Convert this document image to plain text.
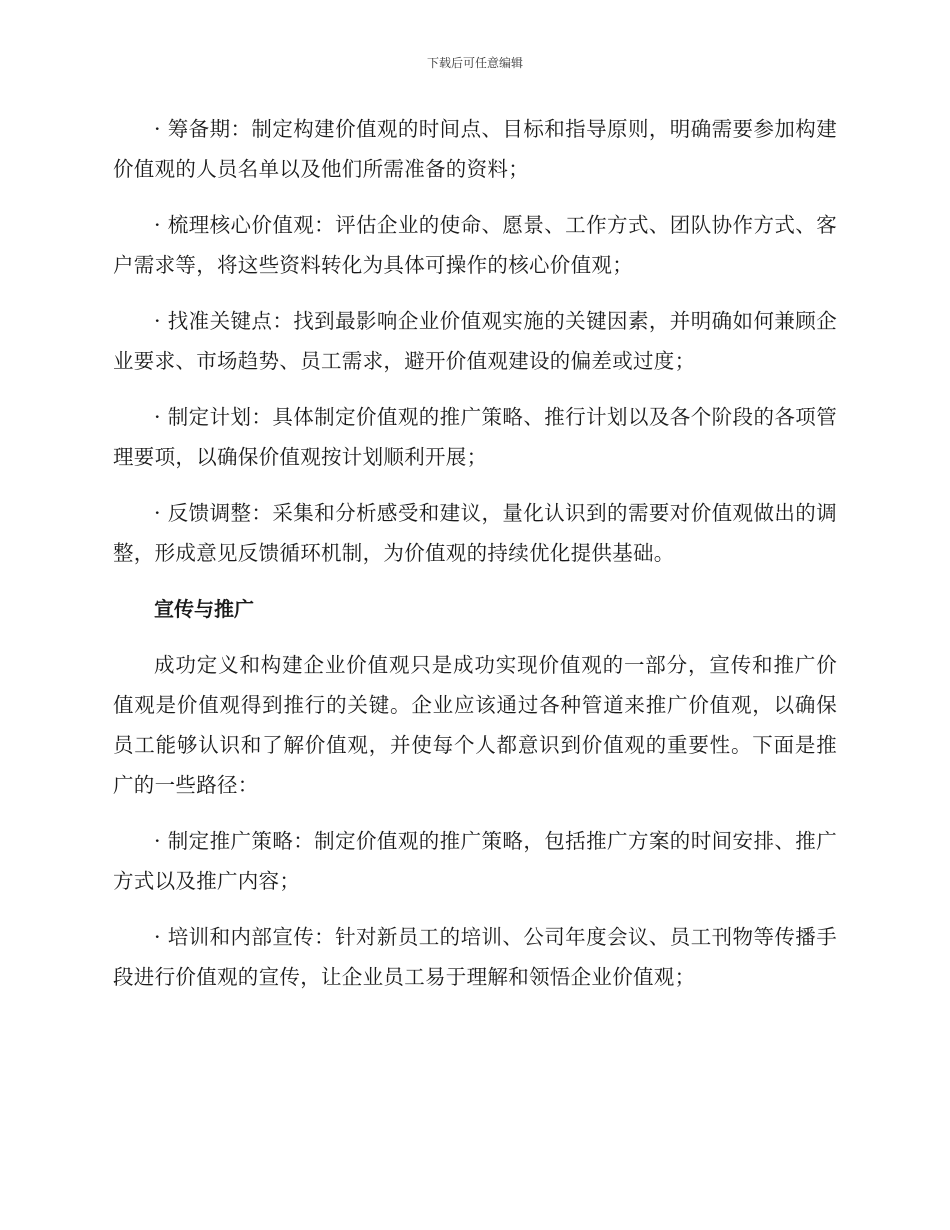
下载后可任意编辑

· 筹备期：制定构建价值观的时间点、目标和指导原则，明确需要参加构建价值观的人员名单以及他们所需准备的资料；

· 梳理核心价值观：评估企业的使命、愿景、工作方式、团队协作方式、客户需求等，将这些资料转化为具体可操作的核心价值观；

· 找准关键点：找到最影响企业价值观实施的关键因素，并明确如何兼顾企业要求、市场趋势、员工需求，避开价值观建设的偏差或过度；

· 制定计划：具体制定价值观的推广策略、推行计划以及各个阶段的各项管理要项，以确保价值观按计划顺利开展；

· 反馈调整：采集和分析感受和建议，量化认识到的需要对价值观做出的调整，形成意见反馈循环机制，为价值观的持续优化提供基础。

宣传与推广

成功定义和构建企业价值观只是成功实现价值观的一部分，宣传和推广价值观是价值观得到推行的关键。企业应该通过各种管道来推广价值观，以确保员工能够认识和了解价值观，并使每个人都意识到价值观的重要性。下面是推广的一些路径：

· 制定推广策略：制定价值观的推广策略，包括推广方案的时间安排、推广方式以及推广内容；

· 培训和内部宣传：针对新员工的培训、公司年度会议、员工刊物等传播手段进行价值观的宣传，让企业员工易于理解和领悟企业价值观；
